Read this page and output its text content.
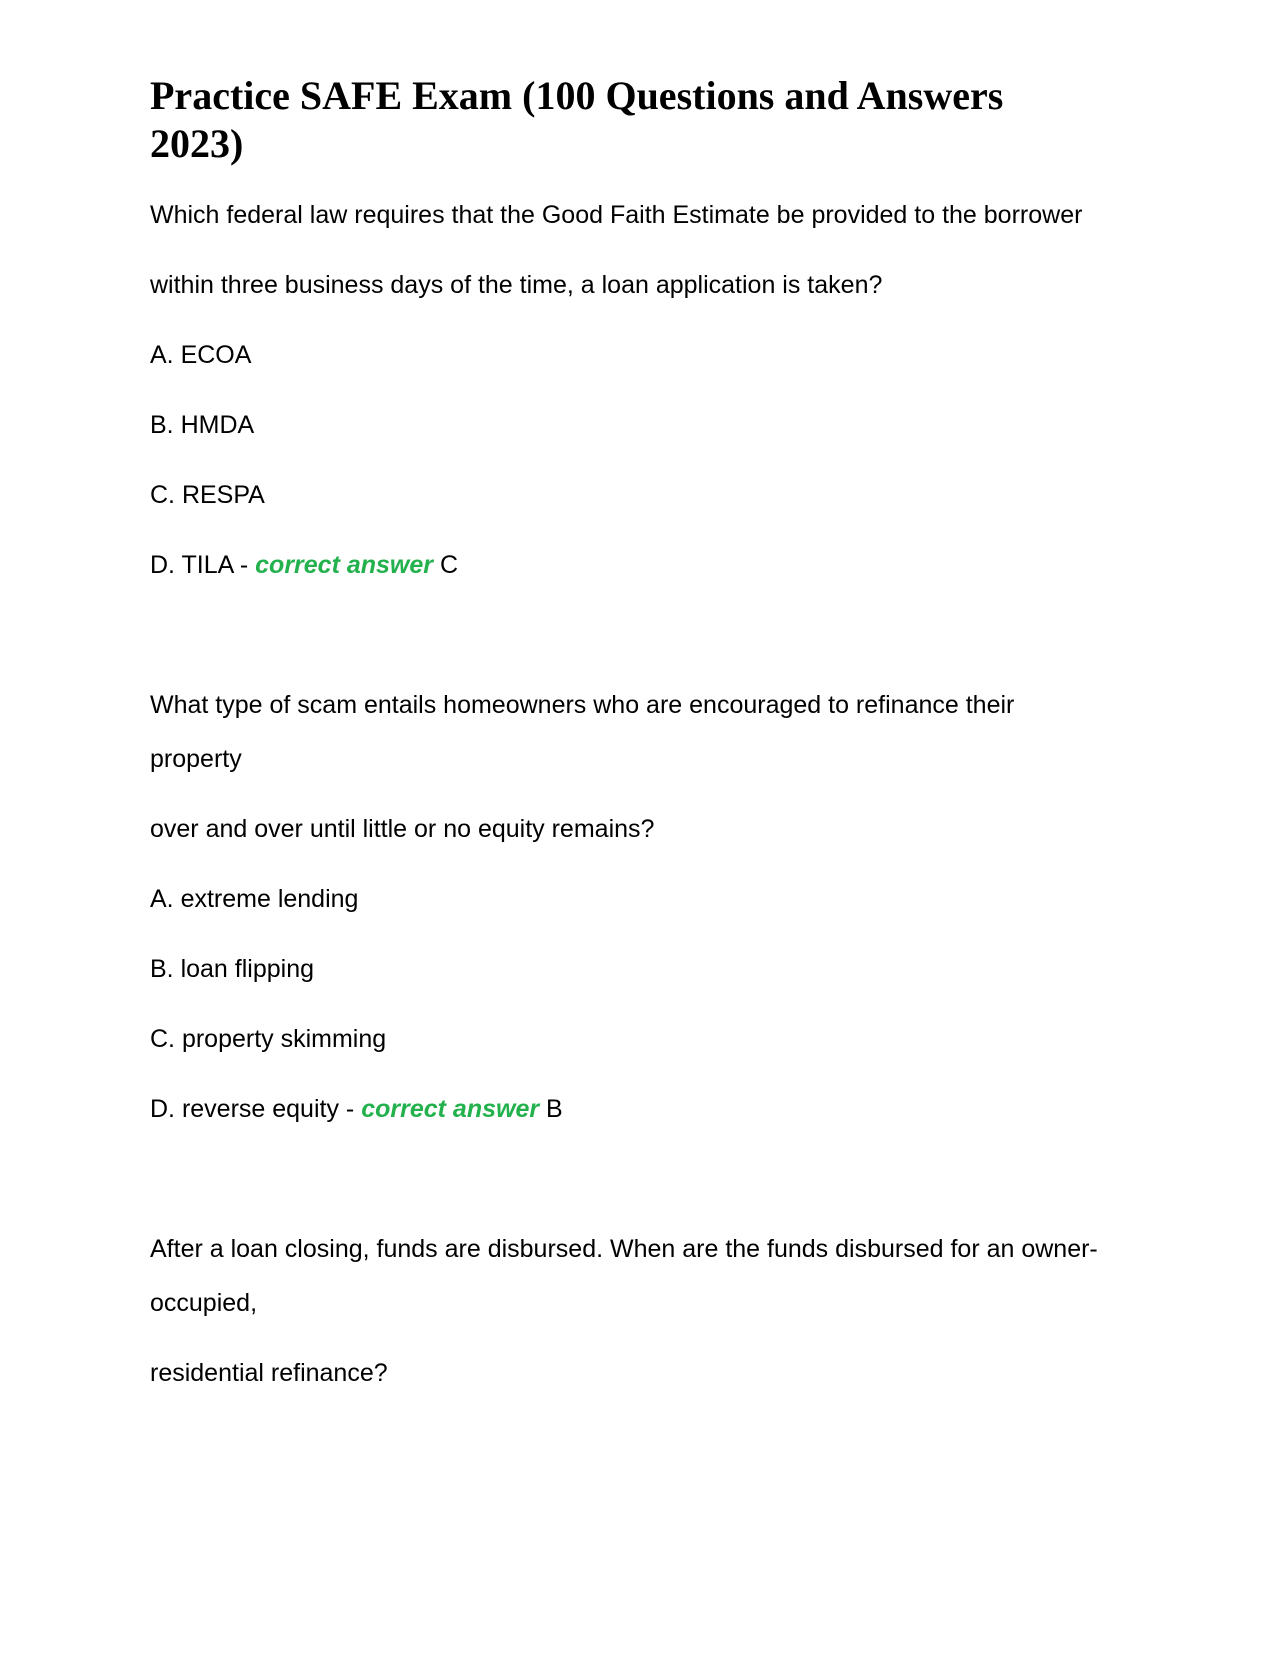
Practice SAFE Exam (100 Questions and Answers 2023)

Which federal law requires that the Good Faith Estimate be provided to the borrower

within three business days of the time, a loan application is taken?

A. ECOA

B. HMDA

C. RESPA

D. TILA - correct answer C

What type of scam entails homeowners who are encouraged to refinance their property

over and over until little or no equity remains?

A. extreme lending

B. loan flipping

C. property skimming

D. reverse equity - correct answer B

After a loan closing, funds are disbursed. When are the funds disbursed for an owner-occupied,

residential refinance?
